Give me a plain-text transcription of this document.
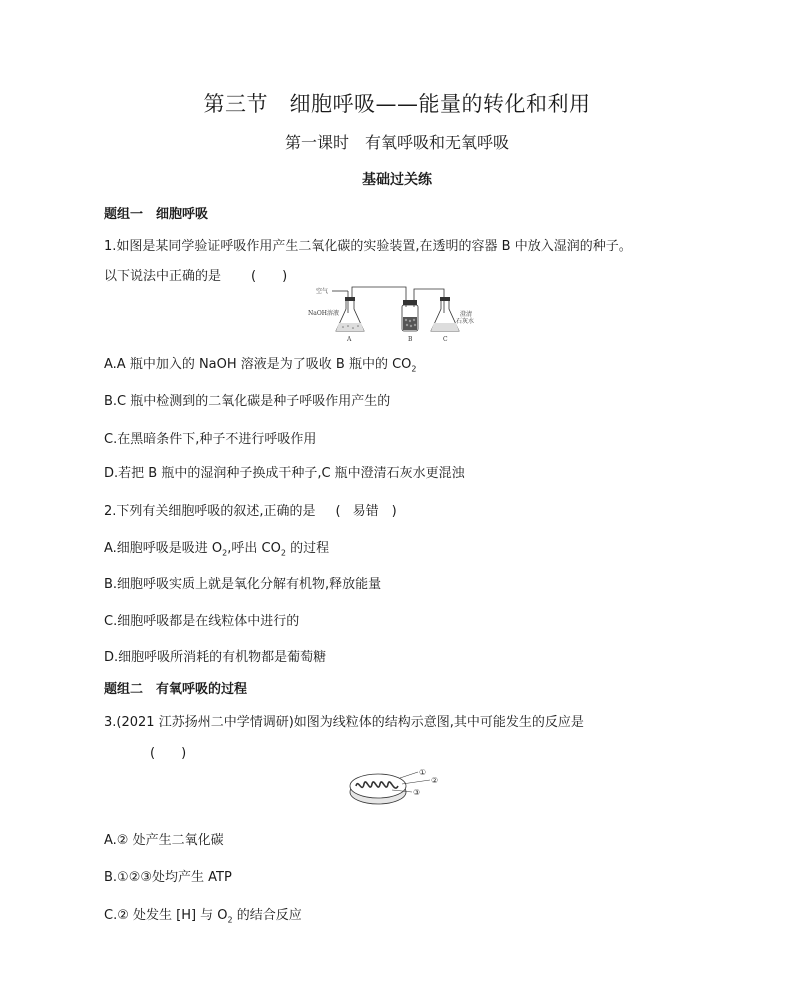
第三节　细胞呼吸——能量的转化和利用
第一课时　有氧呼吸和无氧呼吸
基础过关练
题组一　细胞呼吸
1.如图是某同学验证呼吸作用产生二氧化碳的实验装置,在透明的容器 B 中放入湿润的种子。
以下说法中正确的是 (　　)
空气
NaOH溶液	澄清
石灰水
A	B	C
A.A 瓶中加入的 NaOH 溶液是为了吸收 B 瓶中的 $CO_2$
B.C 瓶中检测到的二氧化碳是种子呼吸作用产生的
C.在黑暗条件下,种子不进行呼吸作用
D.若把 B 瓶中的湿润种子换成干种子,C 瓶中澄清石灰水更混浊
2.下列有关细胞呼吸的叙述,正确的是 ( 易错　)
A.细胞呼吸是吸进 $O_2$,呼出 $CO_2$ 的过程
B.细胞呼吸实质上就是氧化分解有机物,释放能量
C.细胞呼吸都是在线粒体中进行的
D.细胞呼吸所消耗的有机物都是葡萄糖
题组二　有氧呼吸的过程
3.(2021 江苏扬州二中学情调研)如图为线粒体的结构示意图,其中可能发生的反应是
(　　)
①
②
③
A.② 处产生二氧化碳
B.①②③处均产生 ATP
C.② 处发生 [H] 与 $O_2$ 的结合反应
